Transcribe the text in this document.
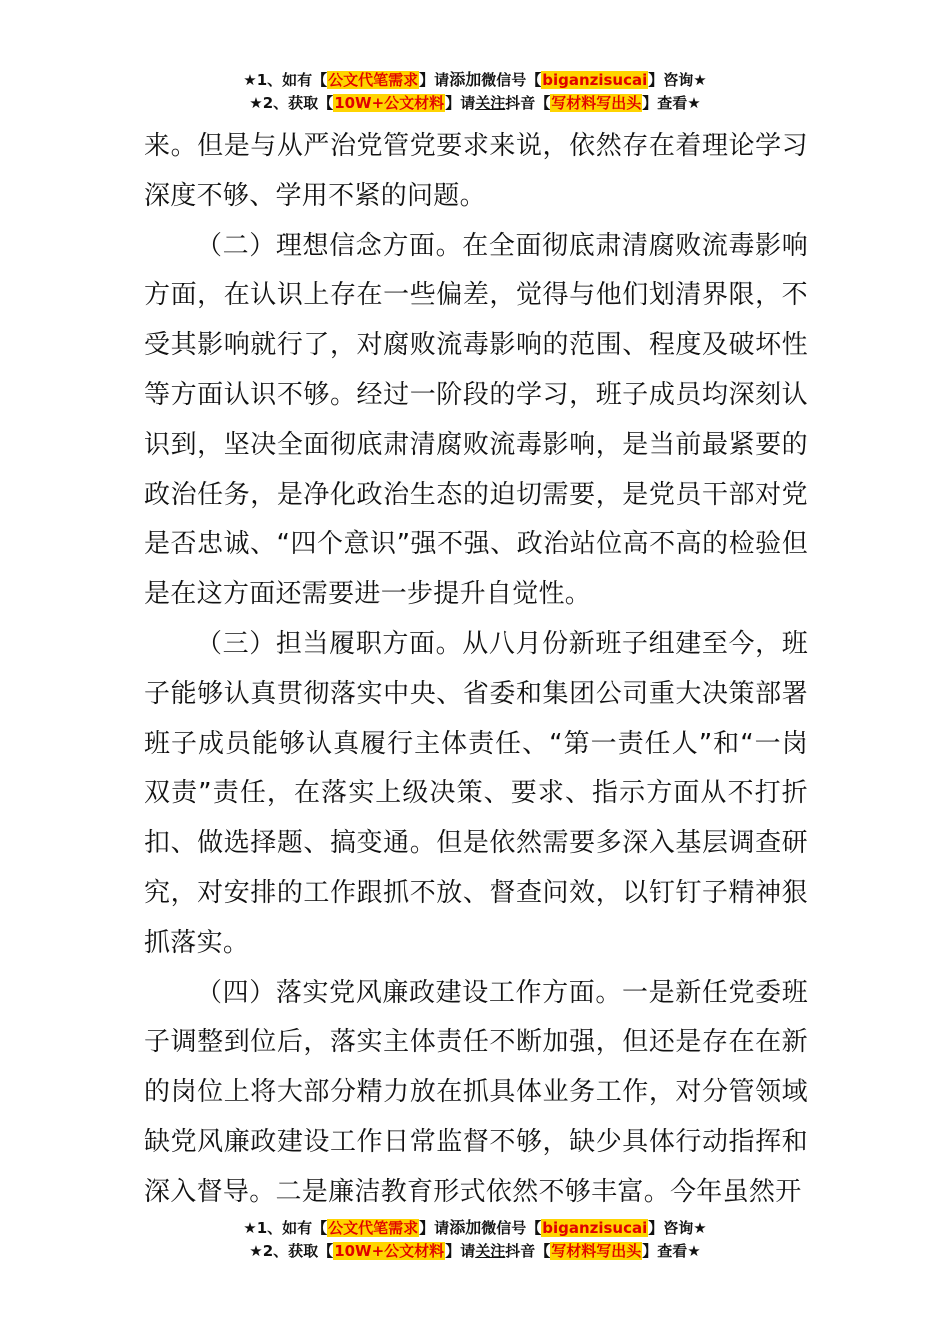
★1、如有【公文代笔需求】请添加微信号【biganzisucai】咨询★
★2、获取【10W+公文材料】请关注抖音【写材料写出头】查看★

来。但是与从严治党管党要求来说，依然存在着理论学习深度不够、学用不紧的问题。

（二）理想信念方面。在全面彻底肃清腐败流毒影响方面，在认识上存在一些偏差，觉得与他们划清界限，不受其影响就行了，对腐败流毒影响的范围、程度及破坏性等方面认识不够。经过一阶段的学习，班子成员均深刻认识到，坚决全面彻底肃清腐败流毒影响，是当前最紧要的政治任务，是净化政治生态的迫切需要，是党员干部对党是否忠诚、“四个意识”强不强、政治站位高不高的检验但是在这方面还需要进一步提升自觉性。

（三）担当履职方面。从八月份新班子组建至今，班子能够认真贯彻落实中央、省委和集团公司重大决策部署班子成员能够认真履行主体责任、“第一责任人”和“一岗双责”责任，在落实上级决策、要求、指示方面从不打折扣、做选择题、搞变通。但是依然需要多深入基层调查研究，对安排的工作跟抓不放、督查问效，以钉钉子精神狠抓落实。

（四）落实党风廉政建设工作方面。一是新任党委班子调整到位后，落实主体责任不断加强，但还是存在在新的岗位上将大部分精力放在抓具体业务工作，对分管领域缺党风廉政建设工作日常监督不够，缺少具体行动指挥和深入督导。二是廉洁教育形式依然不够丰富。今年虽然开

★1、如有【公文代笔需求】请添加微信号【biganzisucai】咨询★
★2、获取【10W+公文材料】请关注抖音【写材料写出头】查看★
